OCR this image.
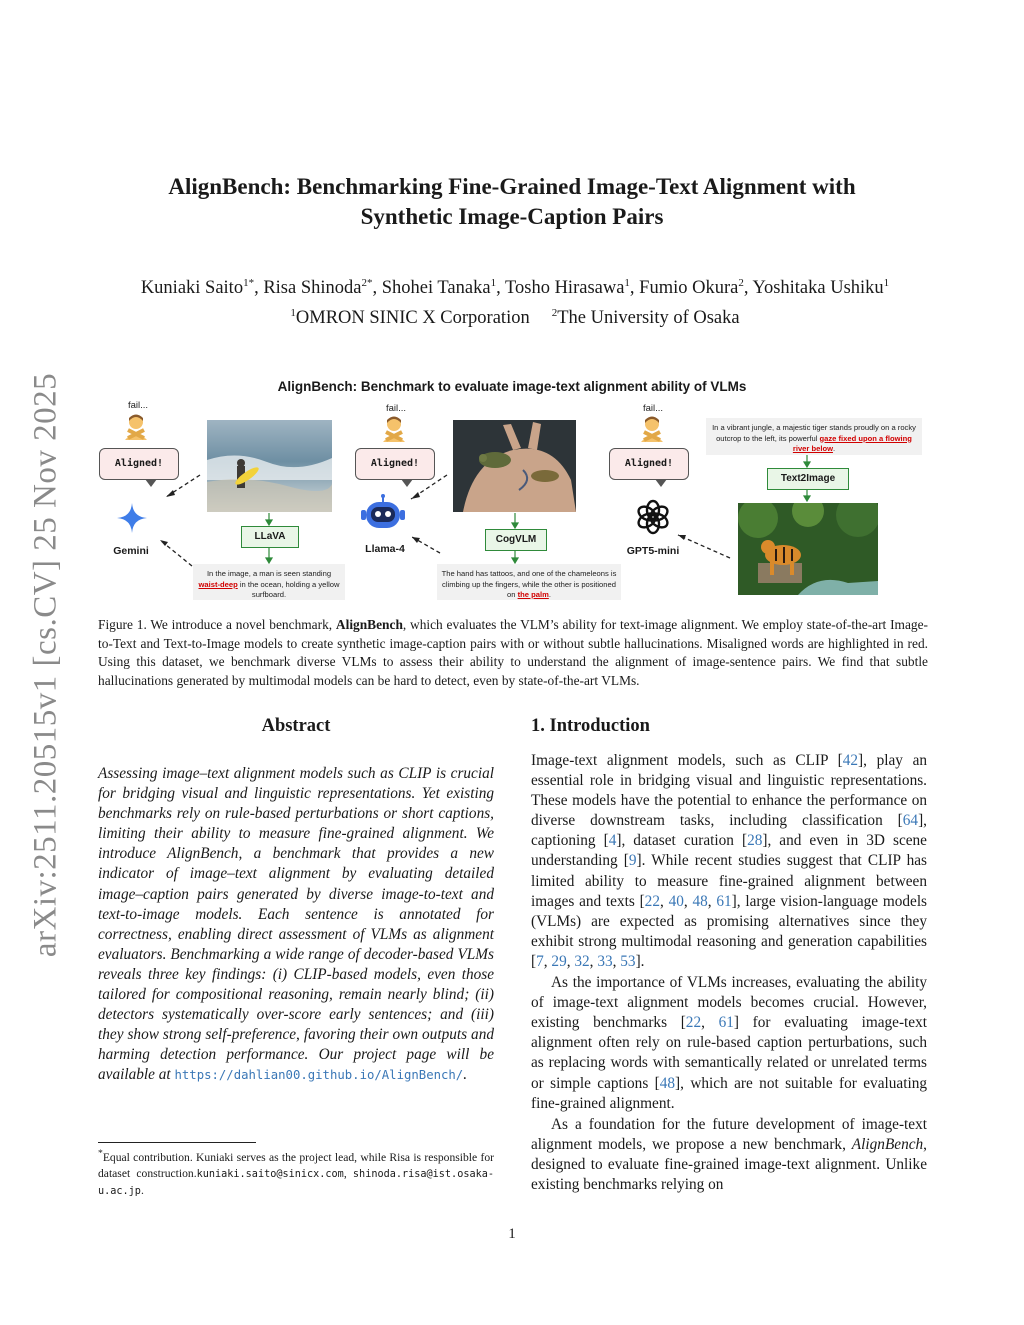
arXiv:2511.20515v1 [cs.CV] 25 Nov 2025
AlignBench: Benchmarking Fine-Grained Image-Text Alignment with
Synthetic Image-Caption Pairs
Kuniaki Saito$^{1*}$, Risa Shinoda$^{2*}$, Shohei Tanaka$^1$, Tosho Hirasawa$^1$, Fumio Okura$^2$, Yoshitaka Ushiku$^1$
$^1$OMRON SINIC X Corporation $^2$The University of Osaka
AlignBench: Benchmark to evaluate image-text alignment ability of VLMs
fail...	fail...	fail...
Aligned!	Aligned!	Aligned!
Gemini	Llama-4	GPT5-mini
LLaVA	CogVLM
Text2Image
In the image, a man is seen standing waist-deep in the ocean, holding a yellow surfboard.
The hand has tattoos, and one of the chameleons is climbing up the fingers, while the other is positioned on the palm.
In a vibrant jungle, a majestic tiger stands proudly on a rocky outcrop to the left, its powerful gaze fixed upon a flowing river below.
Figure 1. We introduce a novel benchmark, AlignBench, which evaluates the VLM’s ability for text-image alignment. We employ state-of-the-art Image-to-Text and Text-to-Image models to create synthetic image-caption pairs with or without subtle hallucinations. Misaligned words are highlighted in red. Using this dataset, we benchmark diverse VLMs to assess their ability to understand the alignment of image-sentence pairs. We find that subtle hallucinations generated by multimodal models can be hard to detect, even by state-of-the-art VLMs.
Abstract
Assessing image–text alignment models such as CLIP is crucial for bridging visual and linguistic representations. Yet existing benchmarks rely on rule-based perturbations or short captions, limiting their ability to measure fine-grained alignment. We introduce AlignBench, a benchmark that provides a new indicator of image–text alignment by evaluating detailed image–caption pairs generated by diverse image-to-text and text-to-image models. Each sentence is annotated for correctness, enabling direct assessment of VLMs as alignment evaluators. Benchmarking a wide range of decoder-based VLMs reveals three key findings: (i) CLIP-based models, even those tailored for compositional reasoning, remain nearly blind; (ii) detectors systematically over-score early sentences; and (iii) they show strong self-preference, favoring their own outputs and harming detection performance. Our project page will be available at https://dahlian00.github.io/AlignBench/.
*Equal contribution. Kuniaki serves as the project lead, while Risa is responsible for dataset construction.kuniaki.saito@sinicx.com, shinoda.risa@ist.osaka-u.ac.jp.
1. Introduction

Image-text alignment models, such as CLIP [42], play an essential role in bridging visual and linguistic representations. These models have the potential to enhance the performance on diverse downstream tasks, including classification [64], captioning [4], dataset curation [28], and even in 3D scene understanding [9]. While recent studies suggest that CLIP has limited ability to measure fine-grained alignment between images and texts [22, 40, 48, 61], large vision-language models (VLMs) are expected as promising alternatives since they exhibit strong multimodal reasoning and generation capabilities [7, 29, 32, 33, 53].

As the importance of VLMs increases, evaluating the ability of image-text alignment models becomes crucial. However, existing benchmarks [22, 61] for evaluating image-text alignment often rely on rule-based caption perturbations, such as replacing words with semantically related or unrelated terms or simple captions [48], which are not suitable for evaluating fine-grained alignment.

As a foundation for the future development of image-text alignment models, we propose a new benchmark, AlignBench, designed to evaluate fine-grained image-text alignment. Unlike existing benchmarks relying on

1
